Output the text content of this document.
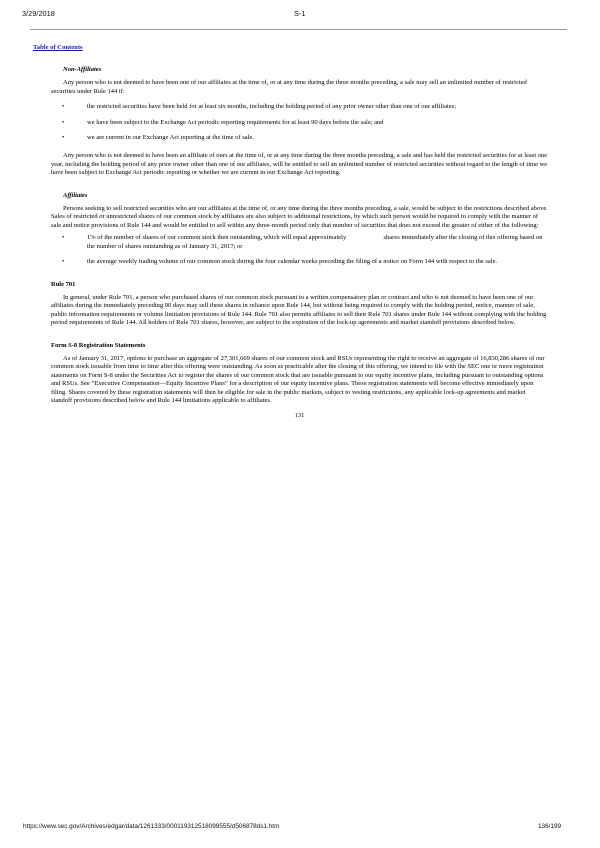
3/29/2018	S-1
Table of Contents
Non-Affiliates

Any person who is not deemed to have been one of our affiliates at the time of, or at any time during the three months preceding, a sale may sell an unlimited number of restricted securities under Rule 144 if:

•	the restricted securities have been held for at least six months, including the holding period of any prior owner other than one of our affiliates;
•	we have been subject to the Exchange Act periodic reporting requirements for at least 90 days before the sale; and
•	we are current in our Exchange Act reporting at the time of sale.

Any person who is not deemed to have been an affiliate of ours at the time of, or at any time during the three months preceding, a sale and has held the restricted securities for at least one year, including the holding period of any prior owner other than one of our affiliates, will be entitled to sell an unlimited number of restricted securities without regard to the length of time we have been subject to Exchange Act periodic reporting or whether we are current in our Exchange Act reporting.

Affiliates

Persons seeking to sell restricted securities who are our affiliates at the time of, or any time during the three months preceding, a sale, would be subject to the restrictions described above. Sales of restricted or unrestricted shares of our common stock by affiliates are also subject to additional restrictions, by which such person would be required to comply with the manner of sale and notice provisions of Rule 144 and would be entitled to sell within any three-month period only that number of securities that does not exceed the greater of either of the following:

•	1% of the number of shares of our common stock then outstanding, which will equal approximately	shares immediately after the closing of this offering based on the number of shares outstanding as of January 31, 2017; or
•	the average weekly trading volume of our common stock during the four calendar weeks preceding the filing of a notice on Form 144 with respect to the sale.
Rule 701

In general, under Rule 701, a person who purchased shares of our common stock pursuant to a written compensatory plan or contract and who is not deemed to have been one of our affiliates during the immediately preceding 90 days may sell these shares in reliance upon Rule 144, but without being required to comply with the holding period, notice, manner of sale, public information requirements or volume limitation provisions of Rule 144. Rule 701 also permits affiliates to sell their Rule 701 shares under Rule 144 without complying with the holding period requirements of Rule 144. All holders of Rule 701 shares, however, are subject to the expiration of the lock-up agreements and market standoff provisions described below.

Form S-8 Registration Statements

As of January 31, 2017, options to purchase an aggregate of 27,301,669 shares of our common stock and RSUs representing the right to receive an aggregate of 16,830,286 shares of our common stock issuable from time to time after this offering were outstanding. As soon as practicable after the closing of this offering, we intend to file with the SEC one or more registration statements on Form S-8 under the Securities Act to register the shares of our common stock that are issuable pursuant to our equity incentive plans, including pursuant to outstanding options and RSUs. See “Executive Compensation—Equity Incentive Plans” for a description of our equity incentive plans. These registration statements will become effective immediately upon filing. Shares covered by these registration statements will then be eligible for sale in the public markets, subject to vesting restrictions, any applicable lock-up agreements and market standoff provisions described below and Rule 144 limitations applicable to affiliates.

131
https://www.sec.gov/Archives/edgar/data/1261333/000119312518099555/d506878ds1.htm	136/199
